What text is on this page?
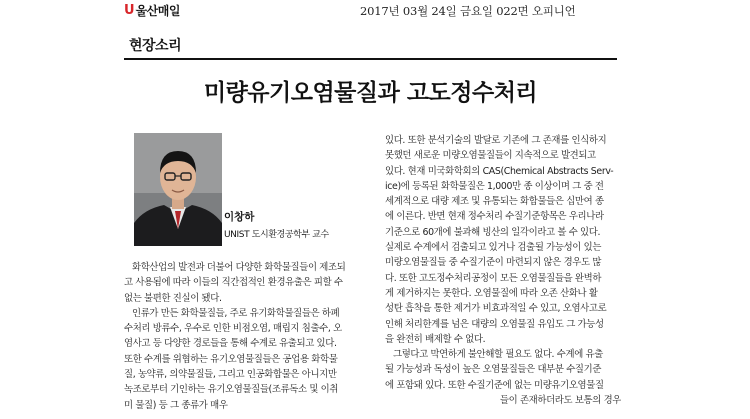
U 울산매일	2017년 03월 24일 금요일 022면 오피니언
현장소리
미량유기오염물질과 고도정수처리
이창하
UNIST 도시환경공학부 교수

화학산업의 발전과 더불어 다양한 화학물질들이 제조되
고 사용됨에 따라 이들의 직간접적인 환경유출은 피할 수
없는 불편한 진실이 됐다.

인류가 만든 화학물질들, 주로 유기화학물질들은 하폐
수처리 방류수, 우수로 인한 비점오염, 매립지 침출수, 오
염사고 등 다양한 경로들을 통해 수계로 유출되고 있다.
또한 수계를 위협하는 유기오염물질들은 공업용 화학물
질, 농약류, 의약물질들, 그리고 인공화합물은 아니지만
녹조로부터 기인하는 유기오염물질들(조류독소 및 이취
미 물질) 등 그 종류가 매우

있다. 또한 분석기술의 발달로 기존에 그 존재를 인식하지
못했던 새로운 미량오염물질들이 지속적으로 발견되고
있다. 현재 미국화학회의 CAS(Chemical Abstracts Serv-
ice)에 등록된 화학물질은 1,000만 종 이상이며 그 중 전
세계적으로 대량 제조 및 유통되는 화합물들은 십만여 종
에 이른다. 반면 현재 정수처리 수질기준항목은 우리나라
기준으로 60개에 불과해 빙산의 일각이라고 볼 수 있다.
실제로 수계에서 검출되고 있거나 검출될 가능성이 있는
미량오염물질들 중 수질기준이 마련되지 않은 경우도 많
다. 또한 고도정수처리공정이 모든 오염물질들을 완벽하
게 제거하지는 못한다. 오염물질에 따라 오존 산화나 활
성탄 흡착을 통한 제거가 비효과적일 수 있고, 오염사고로
인해 처리한계를 넘은 대량의 오염물질 유입도 그 가능성
을 완전히 배제할 수 없다.

그렇다고 막연하게 불안해할 필요도 없다. 수계에 유출
될 가능성과 독성이 높은 오염물질들은 대부분 수질기준
에 포함돼 있다. 또한 수질기준에 없는 미량유기오염물질
들이 존재하더라도 보통의 경우
